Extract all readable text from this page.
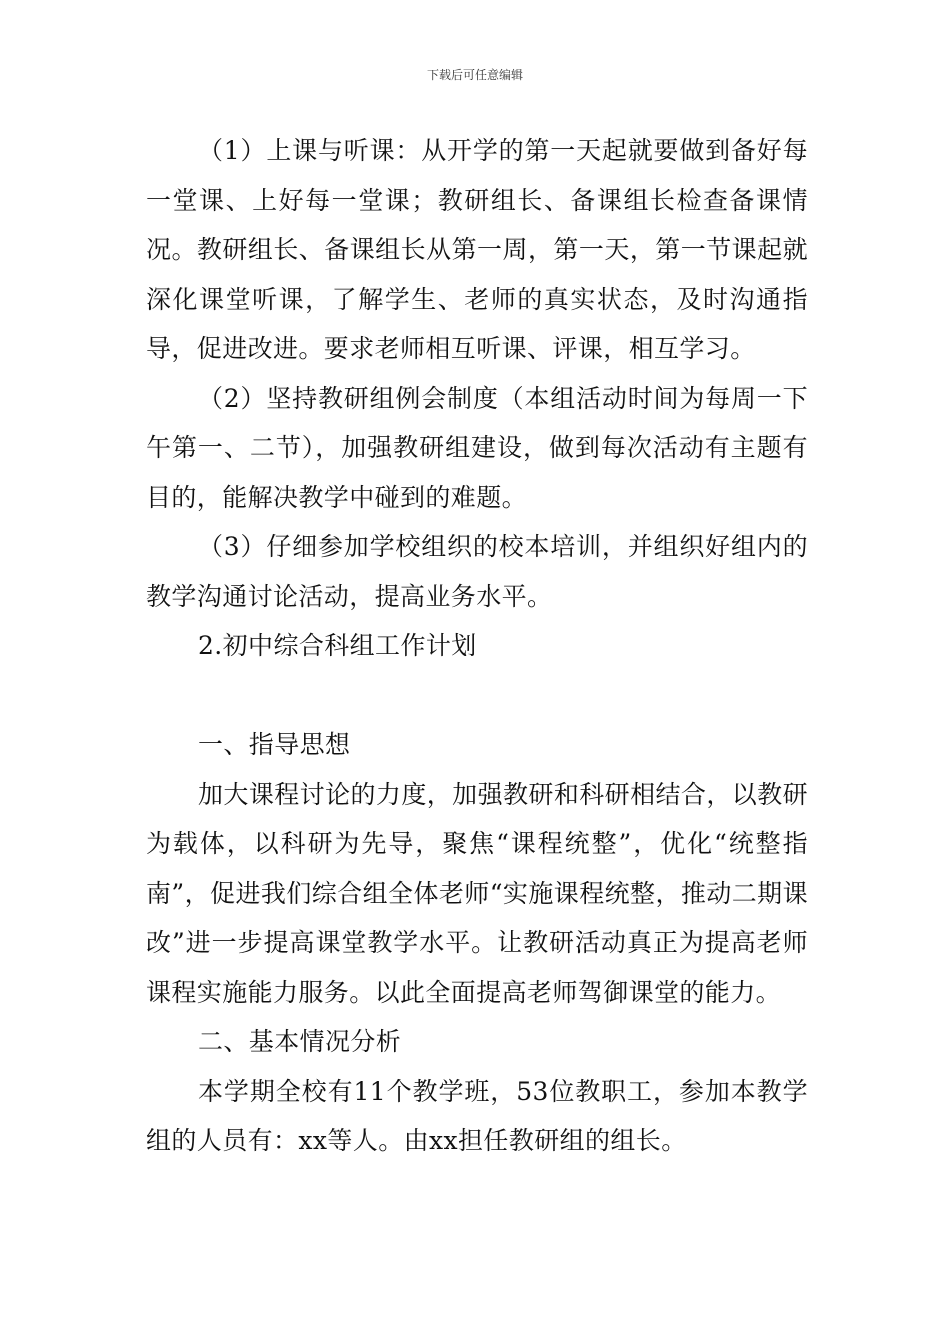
下载后可任意编辑

（1）上课与听课：从开学的第一天起就要做到备好每一堂课、上好每一堂课；教研组长、备课组长检查备课情况。教研组长、备课组长从第一周，第一天，第一节课起就深化课堂听课，了解学生、老师的真实状态，及时沟通指导，促进改进。要求老师相互听课、评课，相互学习。

（2）坚持教研组例会制度（本组活动时间为每周一下午第一、二节），加强教研组建设，做到每次活动有主题有目的，能解决教学中碰到的难题。

（3）仔细参加学校组织的校本培训，并组织好组内的教学沟通讨论活动，提高业务水平。

2.初中综合科组工作计划

一、指导思想

加大课程讨论的力度，加强教研和科研相结合，以教研为载体，以科研为先导，聚焦“课程统整”，优化“统整指南”，促进我们综合组全体老师“实施课程统整，推动二期课改”进一步提高课堂教学水平。让教研活动真正为提高老师课程实施能力服务。以此全面提高老师驾御课堂的能力。

二、基本情况分析

本学期全校有11个教学班，53位教职工，参加本教学组的人员有：xx等人。由xx担任教研组的组长。
